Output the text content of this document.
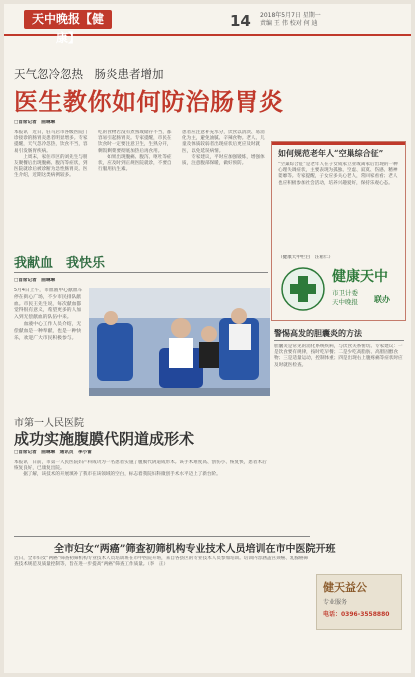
天中晚报【健康】
14 2018年5月7日 星期一
责编 王 伟 校对 何 迪
天气忽冷忽热　肠炎患者增加
医生教你如何防治肠胃炎
□首席记者　曲琳琳
本报讯　近日，驻马店市各级医院门诊接诊的肠胃炎患者明显增多。专家提醒，天气忽冷忽热，饮食不当，容易引发肠胃疾病。
　　上周末，家住市区的刘先生与朋友聚餐后出现腹痛、腹泻等症状，到医院就诊后被诊断为急性肠胃炎。医生介绍，近期这类病例较多。
吃的食物若没有煮熟或储存不当，都容易引起肠胃炎。专家提醒，市民在饮食时一定要注意卫生，生熟分开，剩饭剩菜要彻底加热后再食用。
　　如果出现腹痛、腹泻、呕吐等症状，应及时到正规医院就诊，不要自行服用抗生素。
患者应注意补充水分，饮食以清淡、易消化为主，避免油腻、辛辣食物。老人、儿童及体质较弱者出现症状后更应及时就医，以免延误病情。
　　专家建议，平时应加强锻炼，增强体质，注意腹部保暖，做好预防。
如何规范老年人“空巢综合征”
“空巢综合征”是老年人在子女成家立业或离家后出现的一种心理失调症状，主要表现为孤独、空虚、寂寞、伤感、精神萎靡等。专家提醒，子女应多关心老人，常回家看看；老人也应积极参加社会活动，培养兴趣爱好，保持乐观心态。
（健康天中栏目　汪希仁）
健康天中
市卫计委
天中晚报 联办
我献血　我快乐
□首席记者　曲琳琳
5月4日上午，市血液中心献血车停在街心广场，不少市民排队献血。市民王先生说，每次献血都觉得很有意义，希望更多的人加入到无偿献血的队伍中来。
　　血液中心工作人员介绍，无偿献血是一种奉献，也是一种快乐，欢迎广大市民积极参与。
警惕高发的胆囊炎的方法
胆囊炎是常见的消化系统疾病，与饮食关系密切。专家建议：一是饮食要有规律，按时吃早餐；二是少吃高脂肪、高胆固醇食物；三是适量运动，控制体重；四是出现右上腹疼痛等症状时应及时就医检查。
市第一人民医院
成功实施腹膜代阴道成形术
□首席记者　曲琳琳　通讯员　李小雷
本报讯　日前，市第一人民医院妇产科成功为一名患者实施了腹膜代阴道成形术。该手术难度高、创伤小、恢复快，患者术后恢复良好，已康复出院。
　　据了解，该技术的开展填补了我市在该领域的空白，标志着我院妇科微创手术水平迈上了新台阶。
全市妇女“两癌”筛查初筛机构专业技术人员培训在市中医院开班
近日，全市妇女“两癌”筛查初筛机构专业技术人员培训班在市中医院开班，来自各县区的专业技术人员参加培训。培训内容涵盖宫颈癌、乳腺癌筛查技术规范及质量控制等，旨在进一步提高“两癌”筛查工作质量。（李　正）
健天益公
专业服务
电话：0396-3558880
